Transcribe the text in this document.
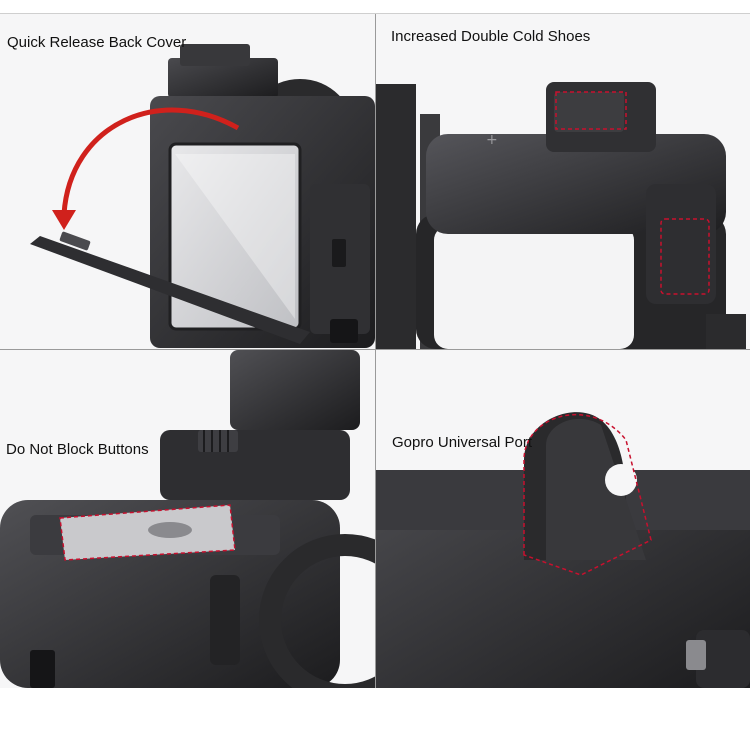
Quick Release Back Cover
+
Increased Double Cold Shoes
Do Not Block Buttons	Gopro Universal Port
